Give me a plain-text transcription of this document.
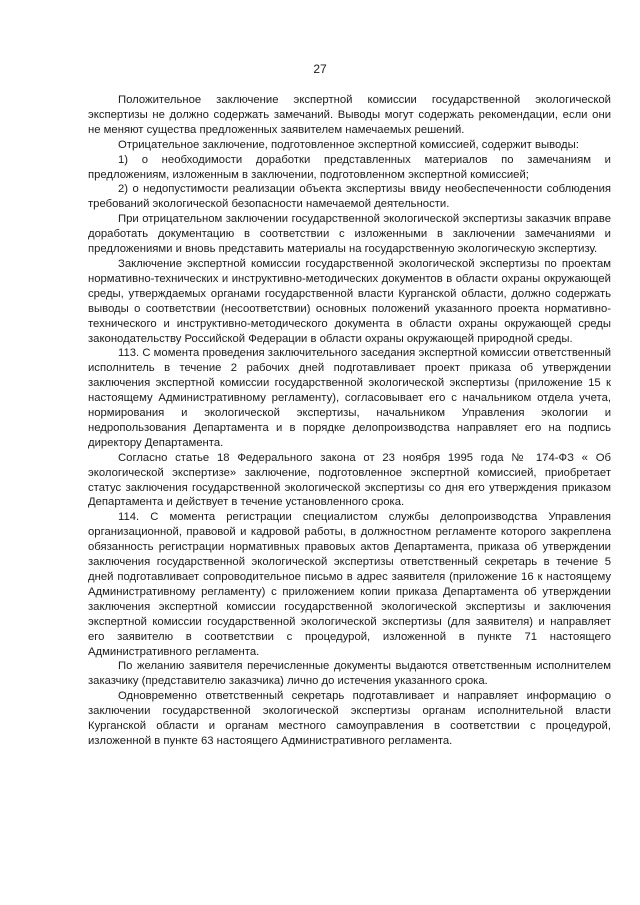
27

Положительное заключение экспертной комиссии государственной экологической экспертизы не должно содержать замечаний. Выводы могут содержать рекомендации, если они не меняют существа предложенных заявителем намечаемых решений.

Отрицательное заключение, подготовленное экспертной комиссией, содержит выводы:

1) о необходимости доработки представленных материалов по замечаниям и предложениям, изложенным в заключении, подготовленном экспертной комиссией;

2) о недопустимости реализации объекта экспертизы ввиду необеспеченности соблюдения требований экологической безопасности намечаемой деятельности.

При отрицательном заключении государственной экологической экспертизы заказчик вправе доработать документацию в соответствии с изложенными в заключении замечаниями и предложениями и вновь представить материалы на государственную экологическую экспертизу.

Заключение экспертной комиссии государственной экологической экспертизы по проектам нормативно-технических и инструктивно-методических документов в области охраны окружающей среды, утверждаемых органами государственной власти Курганской области, должно содержать выводы о соответствии (несоответствии) основных положений указанного проекта нормативно-технического и инструктивно-методического документа в области охраны окружающей среды законодательству Российской Федерации в области охраны окружающей природной среды.

113. С момента проведения заключительного заседания экспертной комиссии ответственный исполнитель в течение 2 рабочих дней подготавливает проект приказа об утверждении заключения экспертной комиссии государственной экологической экспертизы (приложение 15 к настоящему Административному регламенту), согласовывает его с начальником отдела учета, нормирования и экологической экспертизы, начальником Управления экологии и недропользования Департамента и в порядке делопроизводства направляет его на подпись директору Департамента.

Согласно статье 18 Федерального закона от 23 ноября 1995 года № 174-ФЗ « Об экологической экспертизе» заключение, подготовленное экспертной комиссией, приобретает статус заключения государственной экологической экспертизы со дня его утверждения приказом Департамента и действует в течение установленного срока.

114. С момента регистрации специалистом службы делопроизводства Управления организационной, правовой и кадровой работы, в должностном регламенте которого закреплена обязанность регистрации нормативных правовых актов Департамента, приказа об утверждении заключения государственной экологической экспертизы ответственный секретарь в течение 5 дней подготавливает сопроводительное письмо в адрес заявителя (приложение 16 к настоящему Административному регламенту) с приложением копии приказа Департамента об утверждении заключения экспертной комиссии государственной экологической экспертизы и заключения экспертной комиссии государственной экологической экспертизы (для заявителя) и направляет его заявителю в соответствии с процедурой, изложенной в пункте 71 настоящего Административного регламента.

По желанию заявителя перечисленные документы выдаются ответственным исполнителем заказчику (представителю заказчика) лично до истечения указанного срока.

Одновременно ответственный секретарь подготавливает и направляет информацию о заключении государственной экологической экспертизы органам исполнительной власти Курганской области и органам местного самоуправления в соответствии с процедурой, изложенной в пункте 63 настоящего Административного регламента.
